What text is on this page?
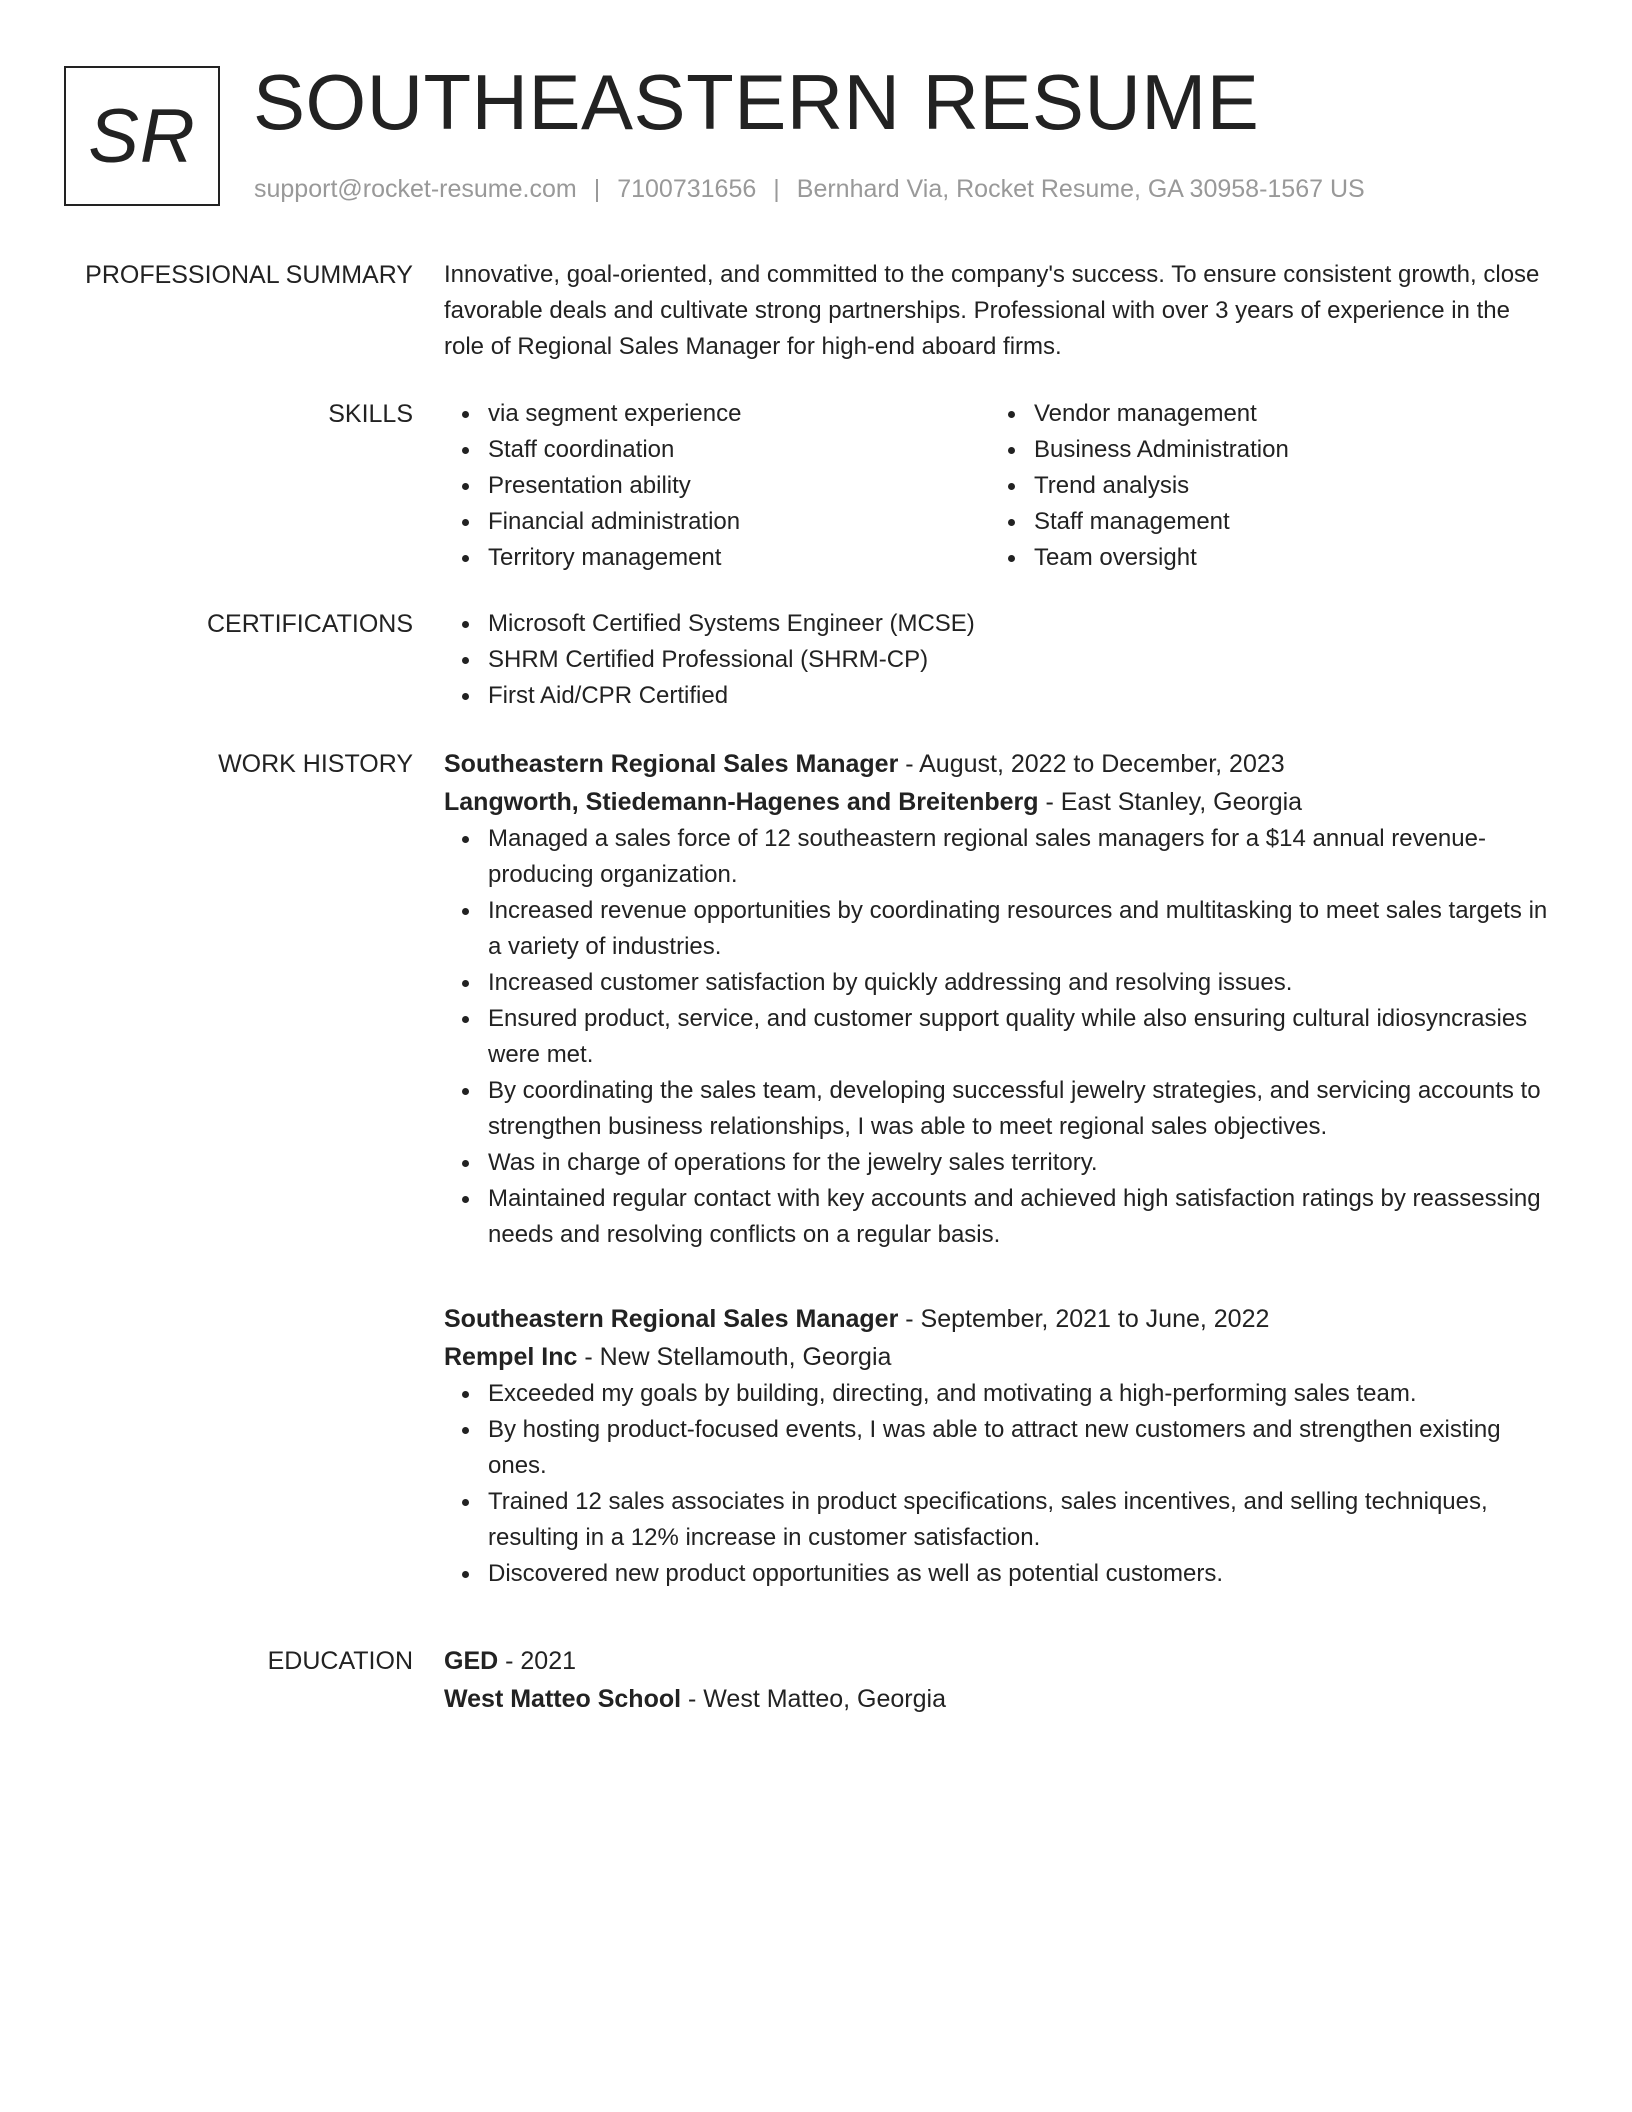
SR SOUTHEASTERN RESUME
support@rocket-resume.com | 7100731656 | Bernhard Via, Rocket Resume, GA 30958-1567 US
PROFESSIONAL SUMMARY Innovative, goal-oriented, and committed to the company's success. To ensure consistent growth, close favorable deals and cultivate strong partnerships. Professional with over 3 years of experience in the role of Regional Sales Manager for high-end aboard firms.

SKILLS	via segment experience
Staff coordination
Presentation ability
Financial administration
Territory management
Vendor management
Business Administration
Trend analysis
Staff management
Team oversight
CERTIFICATIONS	Microsoft Certified Systems Engineer (MCSE)
SHRM Certified Professional (SHRM-CP)
First Aid/CPR Certified
WORK HISTORY Southeastern Regional Sales Manager - August, 2022 to December, 2023
Langworth, Stiedemann-Hagenes and Breitenberg - East Stanley, Georgia
Managed a sales force of 12 southeastern regional sales managers for a $14 annual revenue-producing organization.
Increased revenue opportunities by coordinating resources and multitasking to meet sales targets in a variety of industries.
Increased customer satisfaction by quickly addressing and resolving issues.
Ensured product, service, and customer support quality while also ensuring cultural idiosyncrasies were met.
By coordinating the sales team, developing successful jewelry strategies, and servicing accounts to strengthen business relationships, I was able to meet regional sales objectives.
Was in charge of operations for the jewelry sales territory.
Maintained regular contact with key accounts and achieved high satisfaction ratings by reassessing needs and resolving conflicts on a regular basis.
Southeastern Regional Sales Manager - September, 2021 to June, 2022
Rempel Inc - New Stellamouth, Georgia
Exceeded my goals by building, directing, and motivating a high-performing sales team.
By hosting product-focused events, I was able to attract new customers and strengthen existing ones.
Trained 12 sales associates in product specifications, sales incentives, and selling techniques, resulting in a 12% increase in customer satisfaction.
Discovered new product opportunities as well as potential customers.
EDUCATION GED - 2021
West Matteo School - West Matteo, Georgia
